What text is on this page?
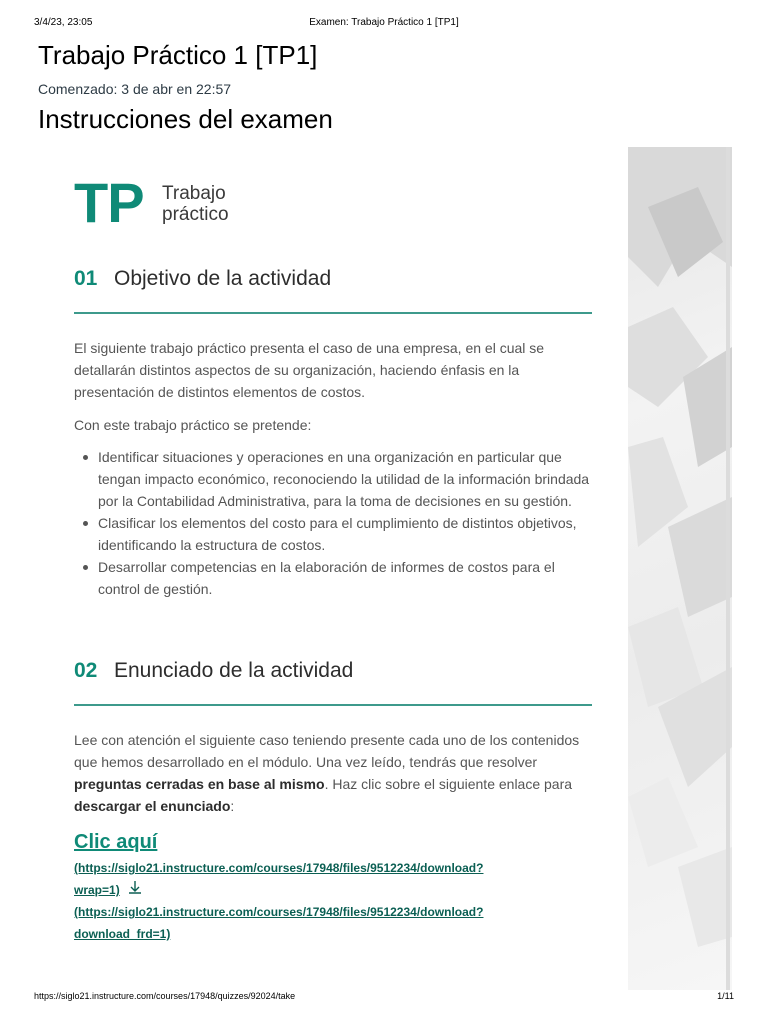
3/4/23, 23:05	Examen: Trabajo Práctico 1 [TP1]
Trabajo Práctico 1 [TP1]
Comenzado: 3 de abr en 22:57
Instrucciones del examen
TP Trabajo
práctico
01 Objetivo de la actividad

El siguiente trabajo práctico presenta el caso de una empresa, en el cual se detallarán distintos aspectos de su organización, haciendo énfasis en la presentación de distintos elementos de costos.

Con este trabajo práctico se pretende:

Identificar situaciones y operaciones en una organización en particular que tengan impacto económico, reconociendo la utilidad de la información brindada por la Contabilidad Administrativa, para la toma de decisiones en su gestión.
Clasificar los elementos del costo para el cumplimiento de distintos objetivos, identificando la estructura de costos.
Desarrollar competencias en la elaboración de informes de costos para el control de gestión.
02 Enunciado de la actividad

Lee con atención el siguiente caso teniendo presente cada uno de los contenidos que hemos desarrollado en el módulo. Una vez leído, tendrás que resolver preguntas cerradas en base al mismo. Haz clic sobre el siguiente enlace para descargar el enunciado:

Clic aquí
(https://siglo21.instructure.com/courses/17948/files/9512234/download?
wrap=1)
(https://siglo21.instructure.com/courses/17948/files/9512234/download?
download_frd=1)
https://siglo21.instructure.com/courses/17948/quizzes/92024/take	1/11
